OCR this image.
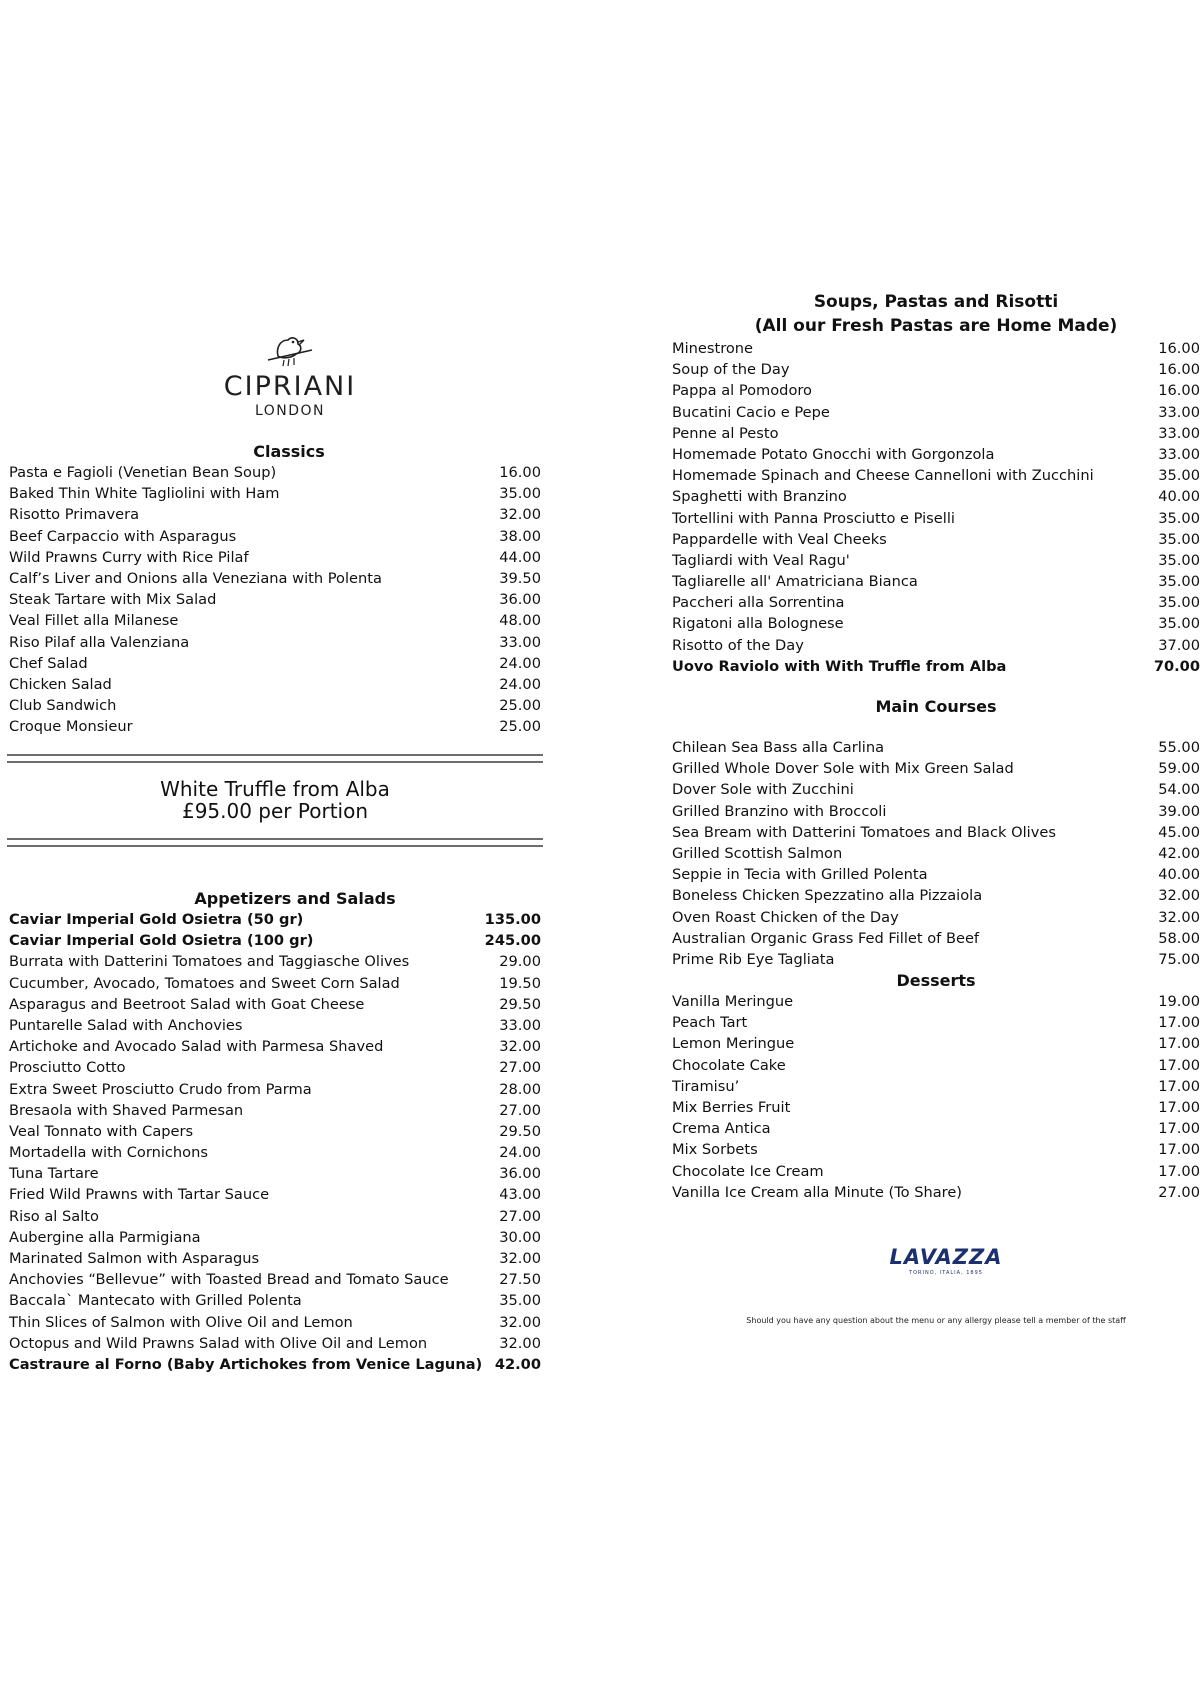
CIPRIANI
LONDON
Classics
Pasta e Fagioli (Venetian Bean Soup)	16.00
Baked Thin White Tagliolini with Ham	35.00
Risotto Primavera	32.00
Beef Carpaccio with Asparagus	38.00
Wild Prawns Curry with Rice Pilaf	44.00
Calf’s Liver and Onions alla Veneziana with Polenta	39.50
Steak Tartare with Mix Salad	36.00
Veal Fillet alla Milanese	48.00
Riso Pilaf alla Valenziana	33.00
Chef Salad	24.00
Chicken Salad	24.00
Club Sandwich	25.00
Croque Monsieur	25.00
White Truffle from Alba
£95.00 per Portion
Appetizers and Salads
Caviar Imperial Gold Osietra (50 gr)	135.00
Caviar Imperial Gold Osietra (100 gr)	245.00
Burrata with Datterini Tomatoes and Taggiasche Olives	29.00
Cucumber, Avocado, Tomatoes and Sweet Corn Salad	19.50
Asparagus and Beetroot Salad with Goat Cheese	29.50
Puntarelle Salad with Anchovies	33.00
Artichoke and Avocado Salad with Parmesa Shaved	32.00
Prosciutto Cotto	27.00
Extra Sweet Prosciutto Crudo from Parma	28.00
Bresaola with Shaved Parmesan	27.00
Veal Tonnato with Capers	29.50
Mortadella with Cornichons	24.00
Tuna Tartare	36.00
Fried Wild Prawns with Tartar Sauce	43.00
Riso al Salto	27.00
Aubergine alla Parmigiana	30.00
Marinated Salmon with Asparagus	32.00
Anchovies “Bellevue” with Toasted Bread and Tomato Sauce	27.50
Baccala` Mantecato with Grilled Polenta	35.00
Thin Slices of Salmon with Olive Oil and Lemon	32.00
Octopus and Wild Prawns Salad with Olive Oil and Lemon	32.00
Castraure al Forno (Baby Artichokes from Venice Laguna) 42.00
Soups, Pastas and Risotti
(All our Fresh Pastas are Home Made)
Minestrone	16.00
Soup of the Day	16.00
Pappa al Pomodoro	16.00
Bucatini Cacio e Pepe	33.00
Penne al Pesto	33.00
Homemade Potato Gnocchi with Gorgonzola	33.00
Homemade Spinach and Cheese Cannelloni with Zucchini	35.00
Spaghetti with Branzino	40.00
Tortellini with Panna Prosciutto e Piselli	35.00
Pappardelle with Veal Cheeks	35.00
Tagliardi with Veal Ragu'	35.00
Tagliarelle all' Amatriciana Bianca	35.00
Paccheri alla Sorrentina	35.00
Rigatoni alla Bolognese	35.00
Risotto of the Day	37.00
Uovo Raviolo with With Truffle from Alba	70.00
Main Courses
Chilean Sea Bass alla Carlina	55.00
Grilled Whole Dover Sole with Mix Green Salad	59.00
Dover Sole with Zucchini	54.00
Grilled Branzino with Broccoli	39.00
Sea Bream with Datterini Tomatoes and Black Olives	45.00
Grilled Scottish Salmon	42.00
Seppie in Tecia with Grilled Polenta	40.00
Boneless Chicken Spezzatino alla Pizzaiola	32.00
Oven Roast Chicken of the Day	32.00
Australian Organic Grass Fed Fillet of Beef	58.00
Prime Rib Eye Tagliata	75.00
Desserts
Vanilla Meringue	19.00
Peach Tart	17.00
Lemon Meringue	17.00
Chocolate Cake	17.00
Tiramisu’	17.00
Mix Berries Fruit	17.00
Crema Antica	17.00
Mix Sorbets	17.00
Chocolate Ice Cream	17.00
Vanilla Ice Cream alla Minute (To Share)	27.00
LAVAZZA
TORINO, ITALIA, 1895
Should you have any question about the menu or any allergy please tell a member of the staff
